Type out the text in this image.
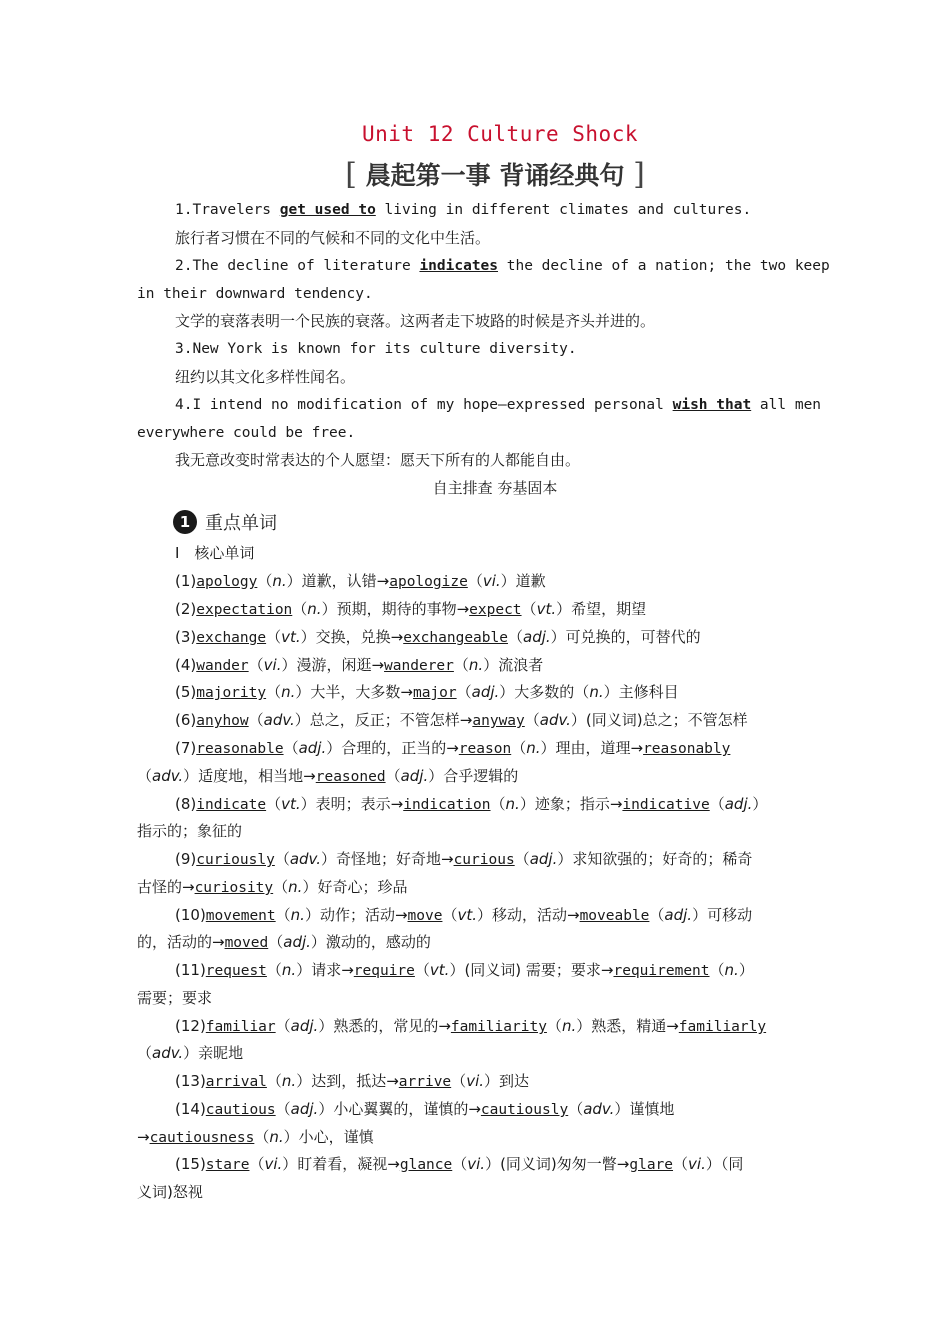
Unit 12 Culture Shock
[ 晨起第一事 背诵经典句 ]
1.Travelers get used to living in different climates and cultures.
旅行者习惯在不同的气候和不同的文化中生活。
2.The decline of literature indicates the decline of a nation; the two keep
in their downward tendency.
文学的衰落表明一个民族的衰落。这两者走下坡路的时候是齐头并进的。
3.New York is known for its culture diversity.
纽约以其文化多样性闻名。
4.I intend no modification of my hope—expressed personal wish that all men
everywhere could be free.
我无意改变时常表达的个人愿望：愿天下所有的人都能自由。
自主排查 夯基固本
1 重点单词
Ⅰ　核心单词
(1)apology（n.）道歉，认错→apologize（vi.）道歉
(2)expectation（n.）预期，期待的事物→expect（vt.）希望，期望
(3)exchange（vt.）交换，兑换→exchangeable（adj.）可兑换的，可替代的
(4)wander（vi.）漫游，闲逛→wanderer（n.）流浪者
(5)majority（n.）大半，大多数→major（adj.）大多数的（n.）主修科目
(6)anyhow（adv.）总之，反正；不管怎样→anyway（adv.）(同义词)总之；不管怎样
(7)reasonable（adj.）合理的，正当的→reason（n.）理由，道理→reasonably
（adv.）适度地，相当地→reasoned（adj.）合乎逻辑的
(8)indicate（vt.）表明；表示→indication（n.）迹象；指示→indicative（adj.）
指示的；象征的
(9)curiously（adv.）奇怪地；好奇地→curious（adj.）求知欲强的；好奇的；稀奇
古怪的→curiosity（n.）好奇心；珍品
(10)movement（n.）动作；活动→move（vt.）移动，活动→moveable（adj.）可移动
的，活动的→moved（adj.）激动的，感动的
(11)request（n.）请求→require（vt.）(同义词) 需要；要求→requirement（n.）
需要；要求
(12)familiar（adj.）熟悉的，常见的→familiarity（n.）熟悉，精通→familiarly
（adv.）亲昵地
(13)arrival（n.）达到，抵达→arrive（vi.）到达
(14)cautious（adj.）小心翼翼的，谨慎的→cautiously（adv.）谨慎地
→cautiousness（n.）小心，谨慎
(15)stare（vi.）盯着看，凝视→glance（vi.）(同义词)匆匆一瞥→glare（vi.）（同
义词)怒视
